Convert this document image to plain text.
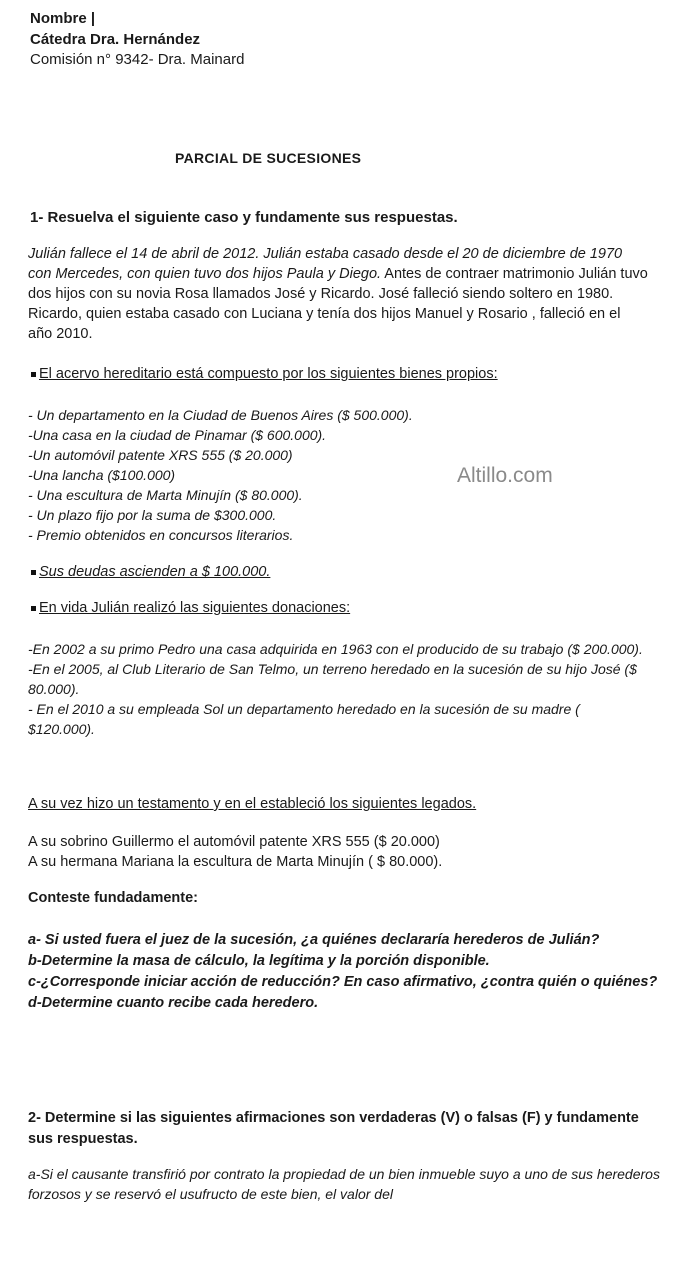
Nombre |
Cátedra Dra. Hernández
Comisión n° 9342- Dra. Mainard
PARCIAL DE SUCESIONES
1- Resuelva el siguiente caso y fundamente sus respuestas.
Julián fallece el 14 de abril de 2012. Julián estaba casado desde el 20 de diciembre de 1970 con Mercedes, con quien tuvo dos hijos Paula y Diego. Antes de contraer matrimonio Julián tuvo dos hijos con su novia Rosa llamados José y Ricardo. José falleció siendo soltero en 1980. Ricardo, quien estaba casado con Luciana y tenía dos hijos Manuel y Rosario , falleció en el año 2010.
El acervo hereditario está compuesto por los siguientes bienes propios:
- Un departamento en la Ciudad de Buenos Aires ($ 500.000).
-Una casa en la ciudad de Pinamar ($ 600.000).
-Un automóvil patente XRS 555 ($ 20.000)
-Una lancha ($100.000)
- Una escultura de Marta Minujín ($ 80.000).
- Un plazo fijo por la suma de $300.000.
- Premio obtenidos en concursos literarios.
Altillo.com
Sus deudas ascienden a $ 100.000.
En vida Julián realizó las siguientes donaciones:
-En 2002 a su primo Pedro una casa adquirida en 1963 con el producido de su trabajo ($ 200.000).
-En el 2005, al Club Literario de San Telmo, un terreno heredado en la sucesión de su hijo José ($ 80.000).
- En el 2010 a su empleada Sol un departamento heredado en la sucesión de su madre ( $120.000).
A su vez hizo un testamento y en el estableció los siguientes legados.
A su sobrino Guillermo el automóvil patente XRS 555 ($ 20.000)
A su hermana Mariana la escultura de Marta Minujín ( $ 80.000).
Conteste fundadamente:
a- Si usted fuera el juez de la sucesión, ¿a quiénes declararía herederos de Julián?
b-Determine la masa de cálculo, la legítima y la porción disponible.
c-¿Corresponde iniciar acción de reducción? En caso afirmativo, ¿contra quién o quiénes?
d-Determine cuanto recibe cada heredero.
2- Determine si las siguientes afirmaciones son verdaderas (V) o falsas (F) y fundamente sus respuestas.
a-Si el causante transfirió por contrato la propiedad de un bien inmueble suyo a uno de sus herederos forzosos y se reservó el usufructo de este bien, el valor del
